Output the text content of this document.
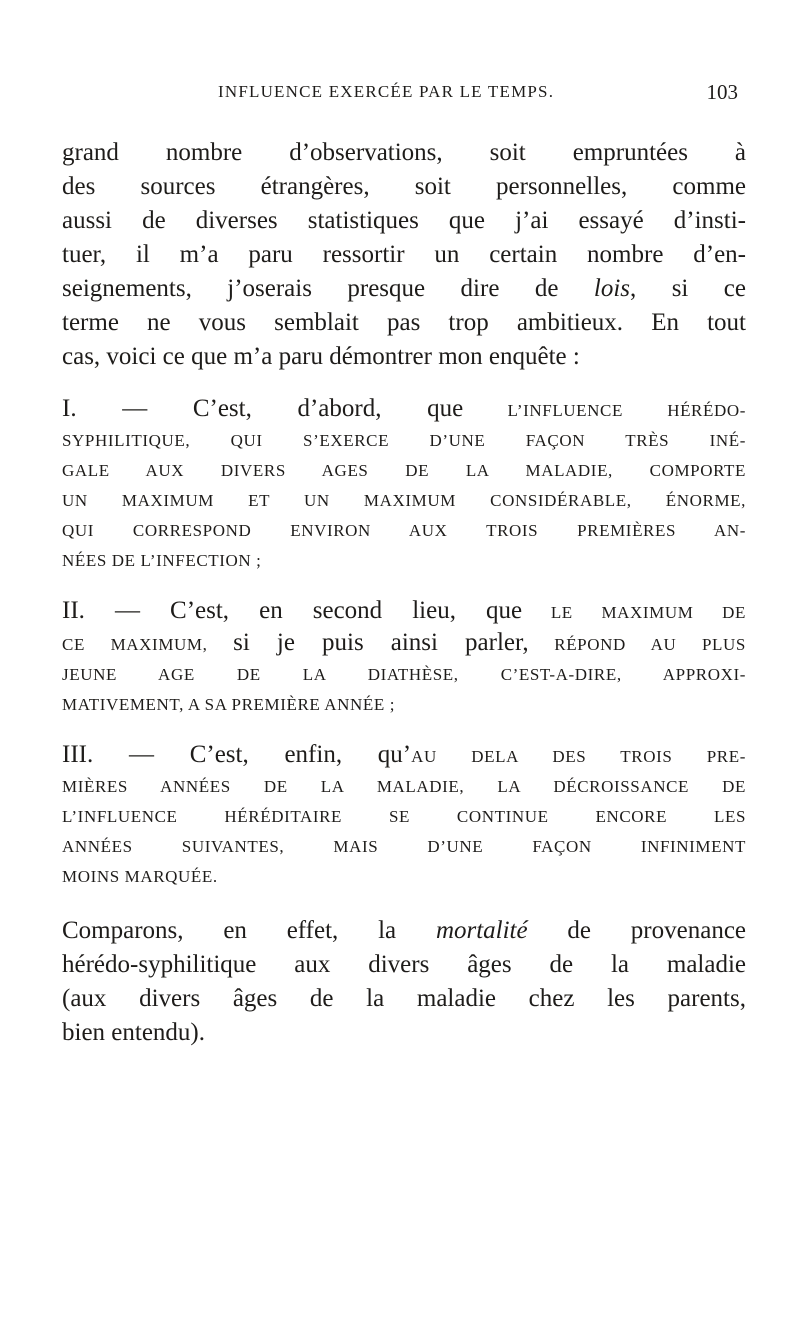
INFLUENCE EXERCÉE PAR LE TEMPS.	103

grand nombre d’observations, soit empruntées à

des sources étrangères, soit personnelles, comme

aussi de diverses statistiques que j’ai essayé d’insti-

tuer, il m’a paru ressortir un certain nombre d’en-

seignements, j’oserais presque dire de lois, si ce

terme ne vous semblait pas trop ambitieux. En tout

cas, voici ce que m’a paru démontrer mon enquête :

I. — C’est, d’abord, que	L’INFLUENCE HÉRÉDO-

SYPHILITIQUE, QUI S’EXERCE D’UNE FAÇON TRÈS INÉ-

GALE AUX DIVERS AGES DE LA MALADIE, COMPORTE

UN MAXIMUM ET UN MAXIMUM CONSIDÉRABLE, ÉNORME,

QUI CORRESPOND ENVIRON AUX TROIS PREMIÈRES AN-

NÉES DE L’INFECTION ;

II. — C’est, en second lieu, que LE MAXIMUM DE

CE MAXIMUM, si je puis ainsi parler, RÉPOND AU PLUS

JEUNE AGE DE LA DIATHÈSE, C’EST-A-DIRE, APPROXI-

MATIVEMENT, A SA PREMIÈRE ANNÉE ;

III. — C’est, enfin, qu’AU DELA DES TROIS PRE-

MIÈRES ANNÉES DE LA MALADIE, LA DÉCROISSANCE DE

L’INFLUENCE HÉRÉDITAIRE SE CONTINUE ENCORE LES

ANNÉES SUIVANTES, MAIS D’UNE FAÇON INFINIMENT

MOINS MARQUÉE.

Comparons, en effet, la mortalité de provenance

hérédo-syphilitique aux divers âges de la maladie

(aux divers âges de la maladie chez les parents,

bien entendu).
